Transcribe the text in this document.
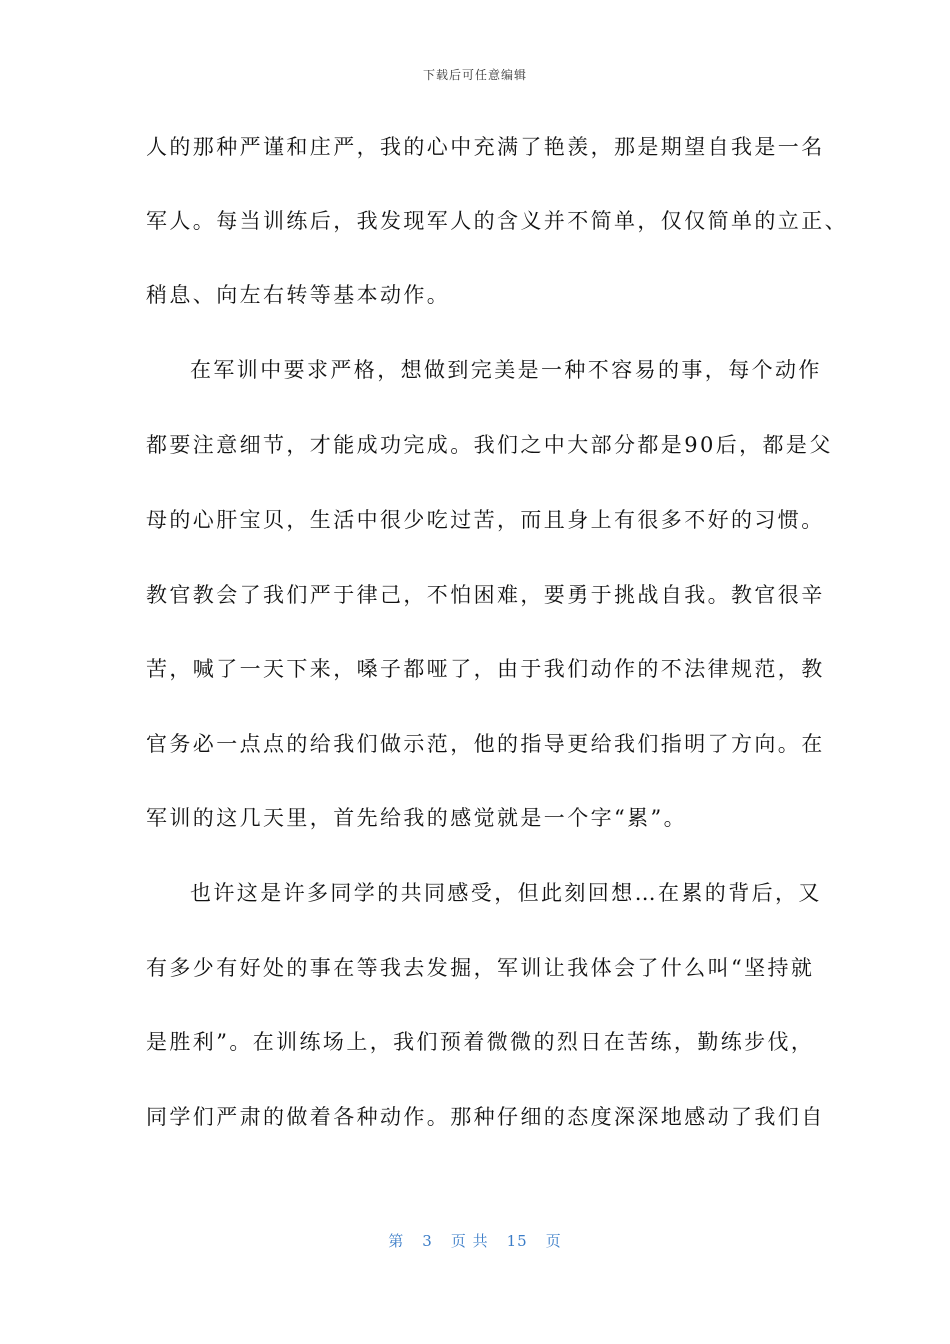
下载后可任意编辑
人的那种严谨和庄严，我的心中充满了艳羡，那是期望自我是一名
军人。每当训练后，我发现军人的含义并不简单，仅仅简单的立正、
稍息、向左右转等基本动作。
在军训中要求严格，想做到完美是一种不容易的事，每个动作
都要注意细节，才能成功完成。我们之中大部分都是90后，都是父
母的心肝宝贝，生活中很少吃过苦，而且身上有很多不好的习惯。
教官教会了我们严于律己，不怕困难，要勇于挑战自我。教官很辛
苦，喊了一天下来，嗓子都哑了，由于我们动作的不法律规范，教
官务必一点点的给我们做示范，他的指导更给我们指明了方向。在
军训的这几天里，首先给我的感觉就是一个字“累”。
也许这是许多同学的共同感受，但此刻回想…在累的背后，又
有多少有好处的事在等我去发掘，军训让我体会了什么叫“坚持就
是胜利”。在训练场上，我们预着微微的烈日在苦练，勤练步伐，
同学们严肃的做着各种动作。那种仔细的态度深深地感动了我们自
第 3 页 共 15 页
